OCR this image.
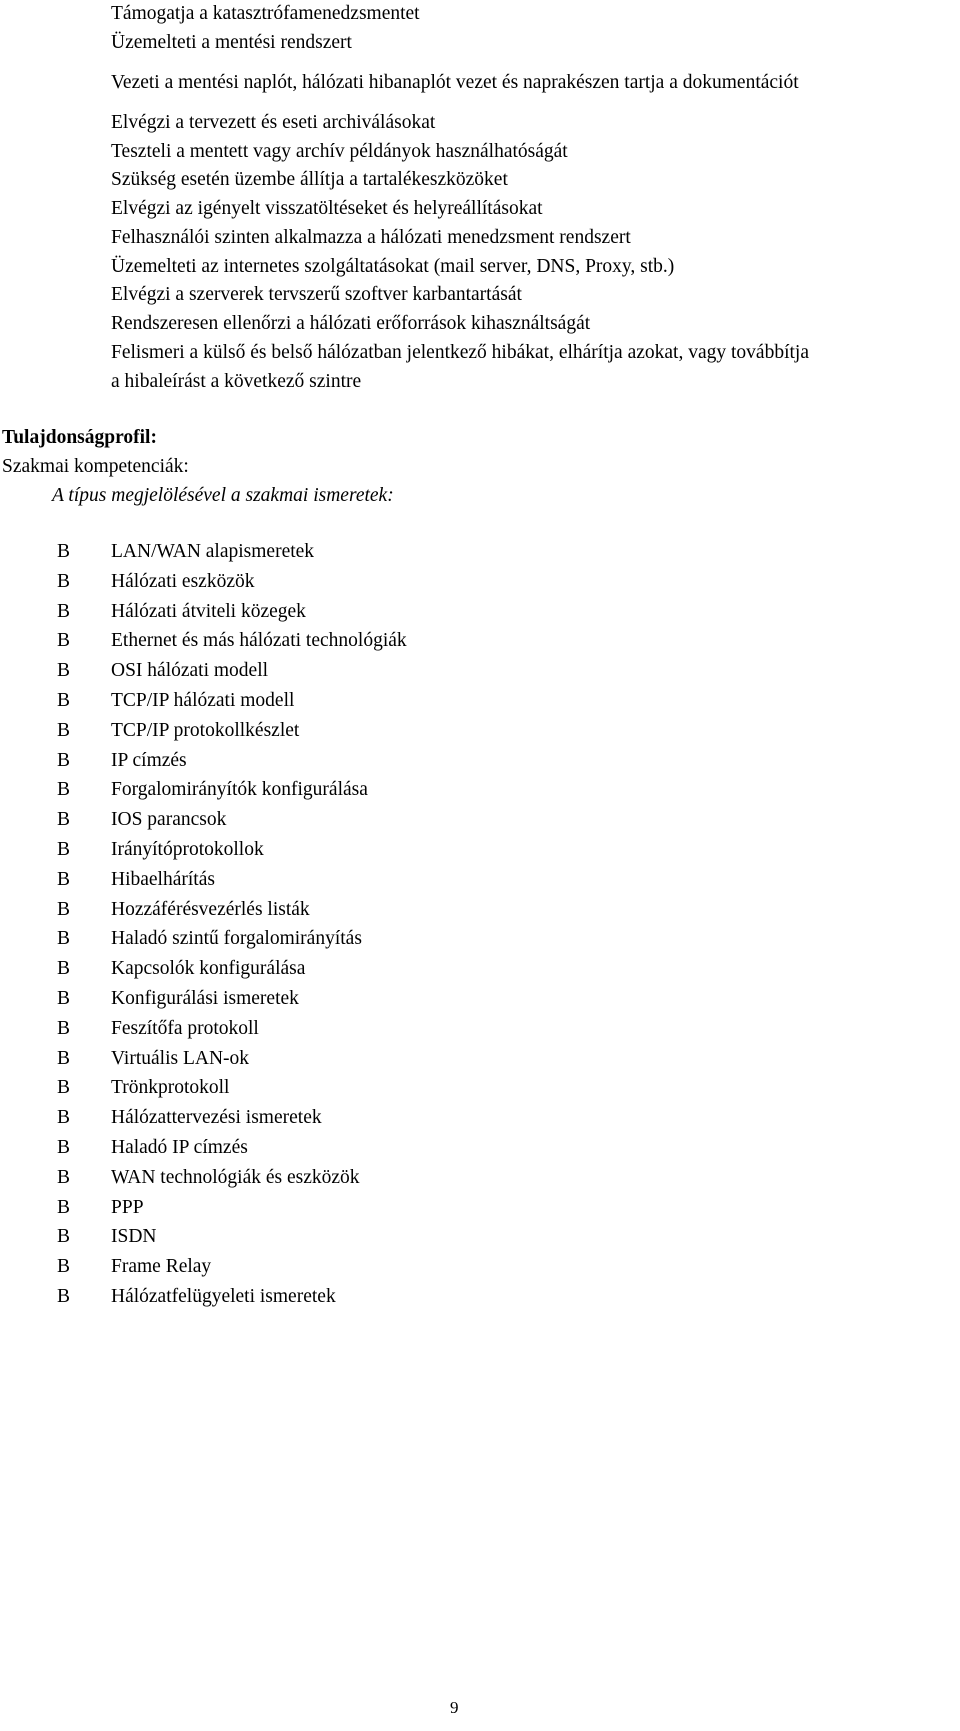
Támogatja a katasztrófamenedzsmentet
Üzemelteti a mentési rendszert
Vezeti a mentési naplót, hálózati hibanaplót vezet és naprakészen tartja a dokumentációt
Elvégzi a tervezett és eseti archiválásokat
Teszteli a mentett vagy archív példányok használhatóságát
Szükség esetén üzembe állítja a tartalékeszközöket
Elvégzi az igényelt visszatöltéseket és helyreállításokat
Felhasználói szinten alkalmazza a hálózati menedzsment rendszert
Üzemelteti az internetes szolgáltatásokat (mail server, DNS, Proxy, stb.)
Elvégzi a szerverek tervszerű szoftver karbantartását
Rendszeresen ellenőrzi a hálózati erőforrások kihasználtságát
Felismeri a külső és belső hálózatban jelentkező hibákat, elhárítja azokat, vagy továbbítja
a hibaleírást a következő szintre
Tulajdonságprofil:
Szakmai kompetenciák:
A típus megjelölésével a szakmai ismeretek:
B LAN/WAN alapismeretek
B Hálózati eszközök
B Hálózati átviteli közegek
B Ethernet és más hálózati technológiák
B OSI hálózati modell
B TCP/IP hálózati modell
B TCP/IP protokollkészlet
B IP címzés
B Forgalomirányítók konfigurálása
B IOS parancsok
B Irányítóprotokollok
B Hibaelhárítás
B Hozzáférésvezérlés listák
B Haladó szintű forgalomirányítás
B Kapcsolók konfigurálása
B Konfigurálási ismeretek
B Feszítőfa protokoll
B Virtuális LAN-ok
B Trönkprotokoll
B Hálózattervezési ismeretek
B Haladó IP címzés
B WAN technológiák és eszközök
B PPP
B ISDN
B Frame Relay
B Hálózatfelügyeleti ismeretek
9
